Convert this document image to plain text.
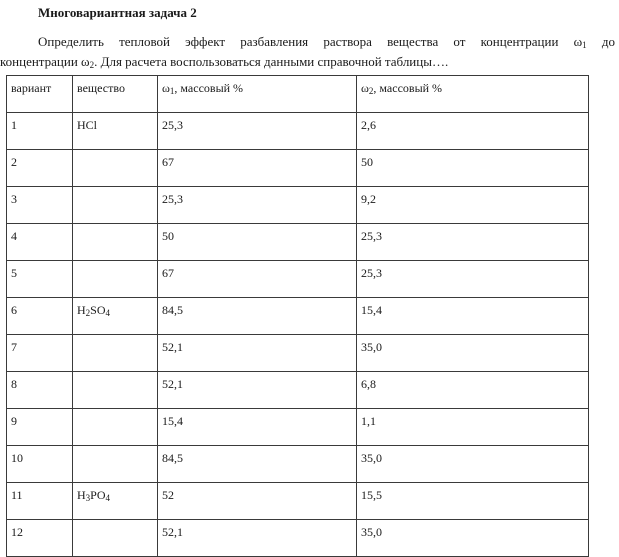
Многовариантная задача 2
Определить тепловой эффект разбавления раствора вещества от концентрации $\omega_1$ до
концентрации $\omega_2$. Для расчета воспользоваться данными справочной таблицы….
вариант	вещество	$\omega_1$, массовый %	$\omega_2$, массовый %

1	HCl	25,3	2,6

2		67	50

3		25,3	9,2

4		50	25,3

5		67	25,3

6	$H_2SO_4$	84,5	15,4

7		52,1	35,0

8		52,1	6,8

9		15,4	1,1

10		84,5	35,0

11	$H_3PO_4$	52	15,5

12		52,1	35,0
